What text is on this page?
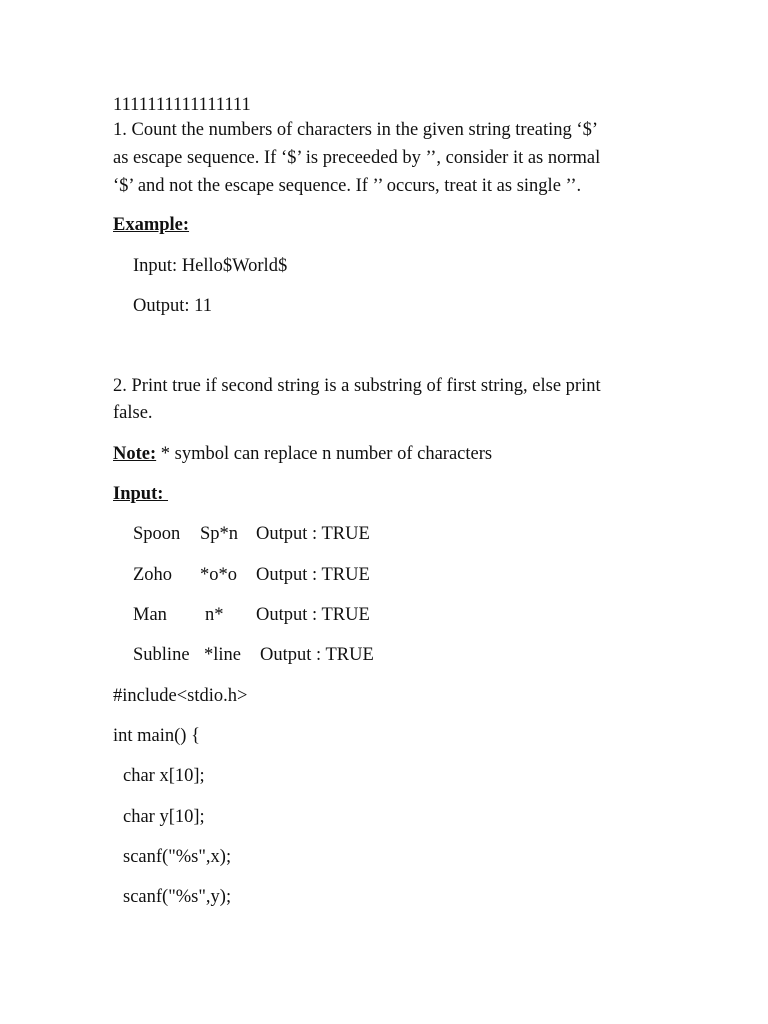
1111111111111111
1. Count the numbers of characters in the given string treating ‘$’
as escape sequence. If ‘$’ is preceeded by ’’, consider it as normal
‘$’ and not the escape sequence. If ’’ occurs, treat it as single ’’.
Example:
Input: Hello$World$
Output: 11
2. Print true if second string is a substring of first string, else print
false.
Note: * symbol can replace n number of characters
Input:
Spoon Sp*n Output : TRUE
Zoho *o*o Output : TRUE
Man n* Output : TRUE
Subline *line Output : TRUE
#include<stdio.h>
int main() {
char x[10];
char y[10];
scanf("%s",x);
scanf("%s",y);
